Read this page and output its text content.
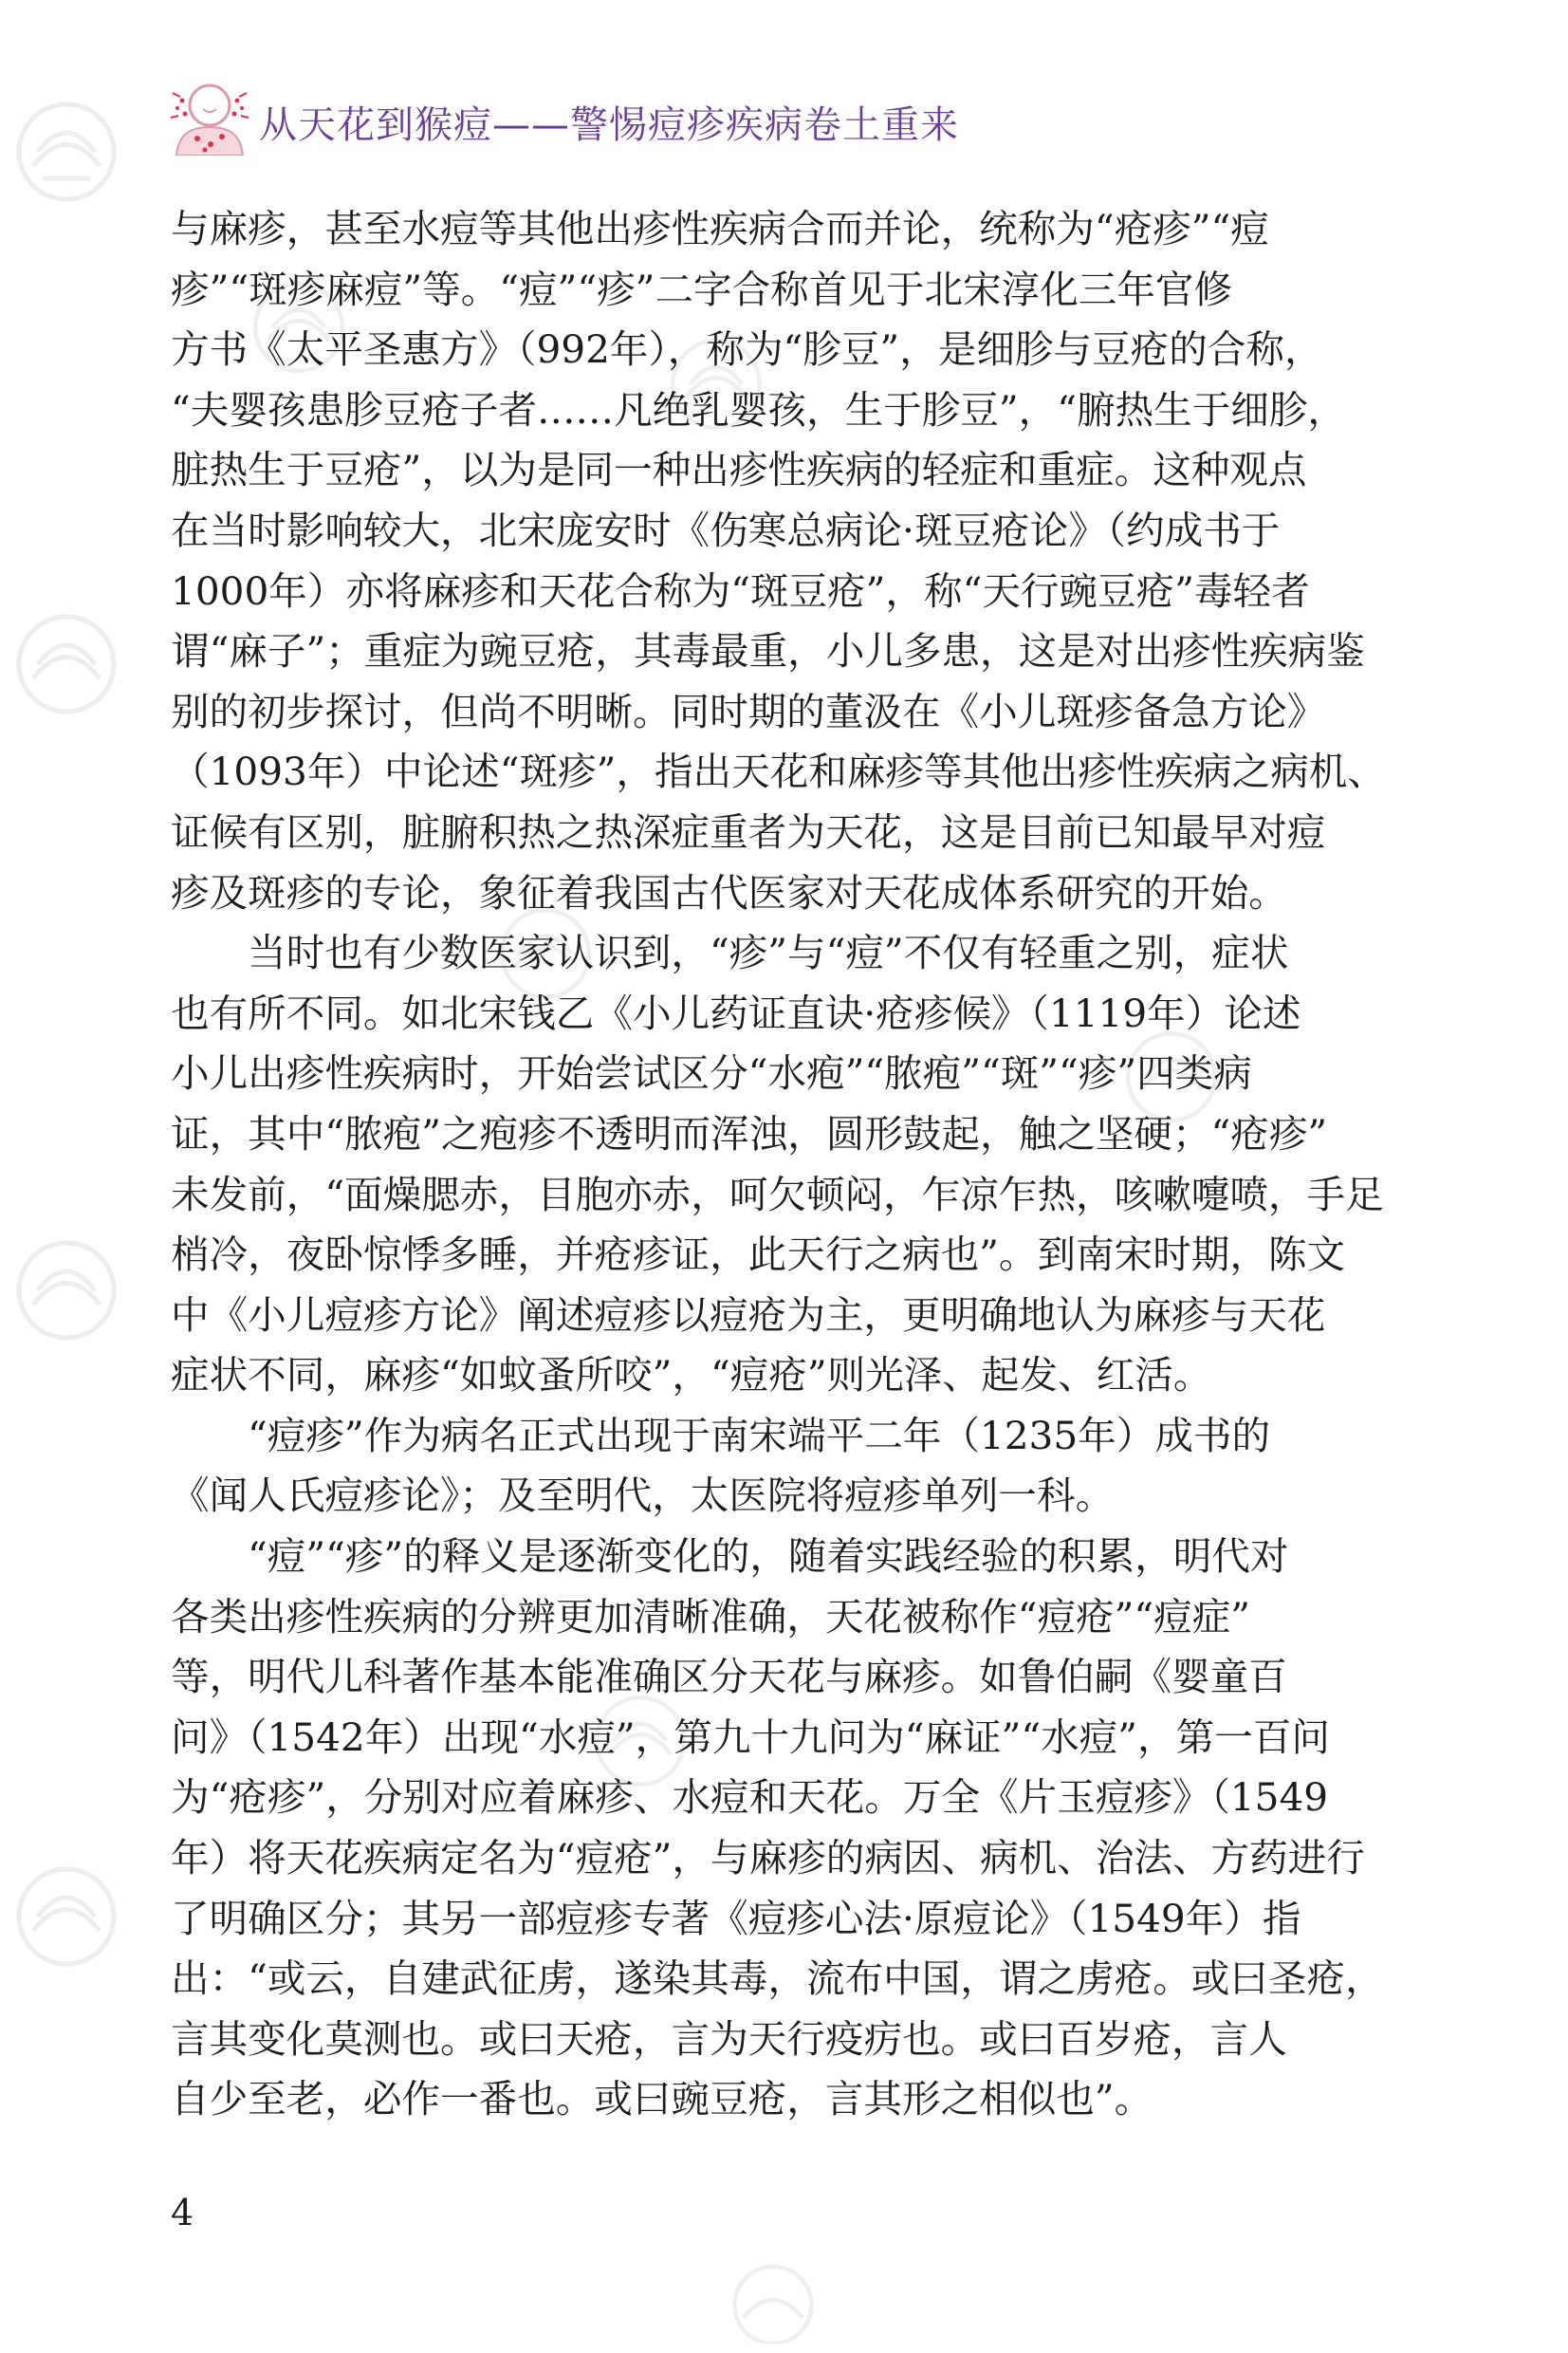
从天花到猴痘——警惕痘疹疾病卷土重来

与麻疹，甚至水痘等其他出疹性疾病合而并论，统称为“疮疹”“痘
疹”“斑疹麻痘”等。“痘”“疹”二字合称首见于北宋淳化三年官修
方书《太平圣惠方》（992年），称为“胗豆”，是细胗与豆疮的合称，
“夫婴孩患胗豆疮子者……凡绝乳婴孩，生于胗豆”，“腑热生于细胗，
脏热生于豆疮”，以为是同一种出疹性疾病的轻症和重症。这种观点
在当时影响较大，北宋庞安时《伤寒总病论·斑豆疮论》（约成书于
1000年）亦将麻疹和天花合称为“斑豆疮”，称“天行豌豆疮”毒轻者
谓“麻子”；重症为豌豆疮，其毒最重，小儿多患，这是对出疹性疾病鉴
别的初步探讨，但尚不明晰。同时期的董汲在《小儿斑疹备急方论》
（1093年）中论述“斑疹”，指出天花和麻疹等其他出疹性疾病之病机、
证候有区别，脏腑积热之热深症重者为天花，这是目前已知最早对痘
疹及斑疹的专论，象征着我国古代医家对天花成体系研究的开始。

当时也有少数医家认识到，“疹”与“痘”不仅有轻重之别，症状
也有所不同。如北宋钱乙《小儿药证直诀·疮疹候》（1119年）论述
小儿出疹性疾病时，开始尝试区分“水疱”“脓疱”“斑”“疹”四类病
证，其中“脓疱”之疱疹不透明而浑浊，圆形鼓起，触之坚硬；“疮疹”
未发前，“面燥腮赤，目胞亦赤，呵欠顿闷，乍凉乍热，咳嗽嚏喷，手足
梢冷，夜卧惊悸多睡，并疮疹证，此天行之病也”。到南宋时期，陈文
中《小儿痘疹方论》阐述痘疹以痘疮为主，更明确地认为麻疹与天花
症状不同，麻疹“如蚊蚤所咬”，“痘疮”则光泽、起发、红活。

“痘疹”作为病名正式出现于南宋端平二年（1235年）成书的
《闻人氏痘疹论》；及至明代，太医院将痘疹单列一科。

“痘”“疹”的释义是逐渐变化的，随着实践经验的积累，明代对
各类出疹性疾病的分辨更加清晰准确，天花被称作“痘疮”“痘症”
等，明代儿科著作基本能准确区分天花与麻疹。如鲁伯嗣《婴童百
问》（1542年）出现“水痘”，第九十九问为“麻证”“水痘”，第一百问
为“疮疹”，分别对应着麻疹、水痘和天花。万全《片玉痘疹》（1549
年）将天花疾病定名为“痘疮”，与麻疹的病因、病机、治法、方药进行
了明确区分；其另一部痘疹专著《痘疹心法·原痘论》（1549年）指
出：“或云，自建武征虏，遂染其毒，流布中国，谓之虏疮。或曰圣疮，
言其变化莫测也。或曰天疮，言为天行疫疠也。或曰百岁疮，言人
自少至老，必作一番也。或曰豌豆疮，言其形之相似也”。

4
